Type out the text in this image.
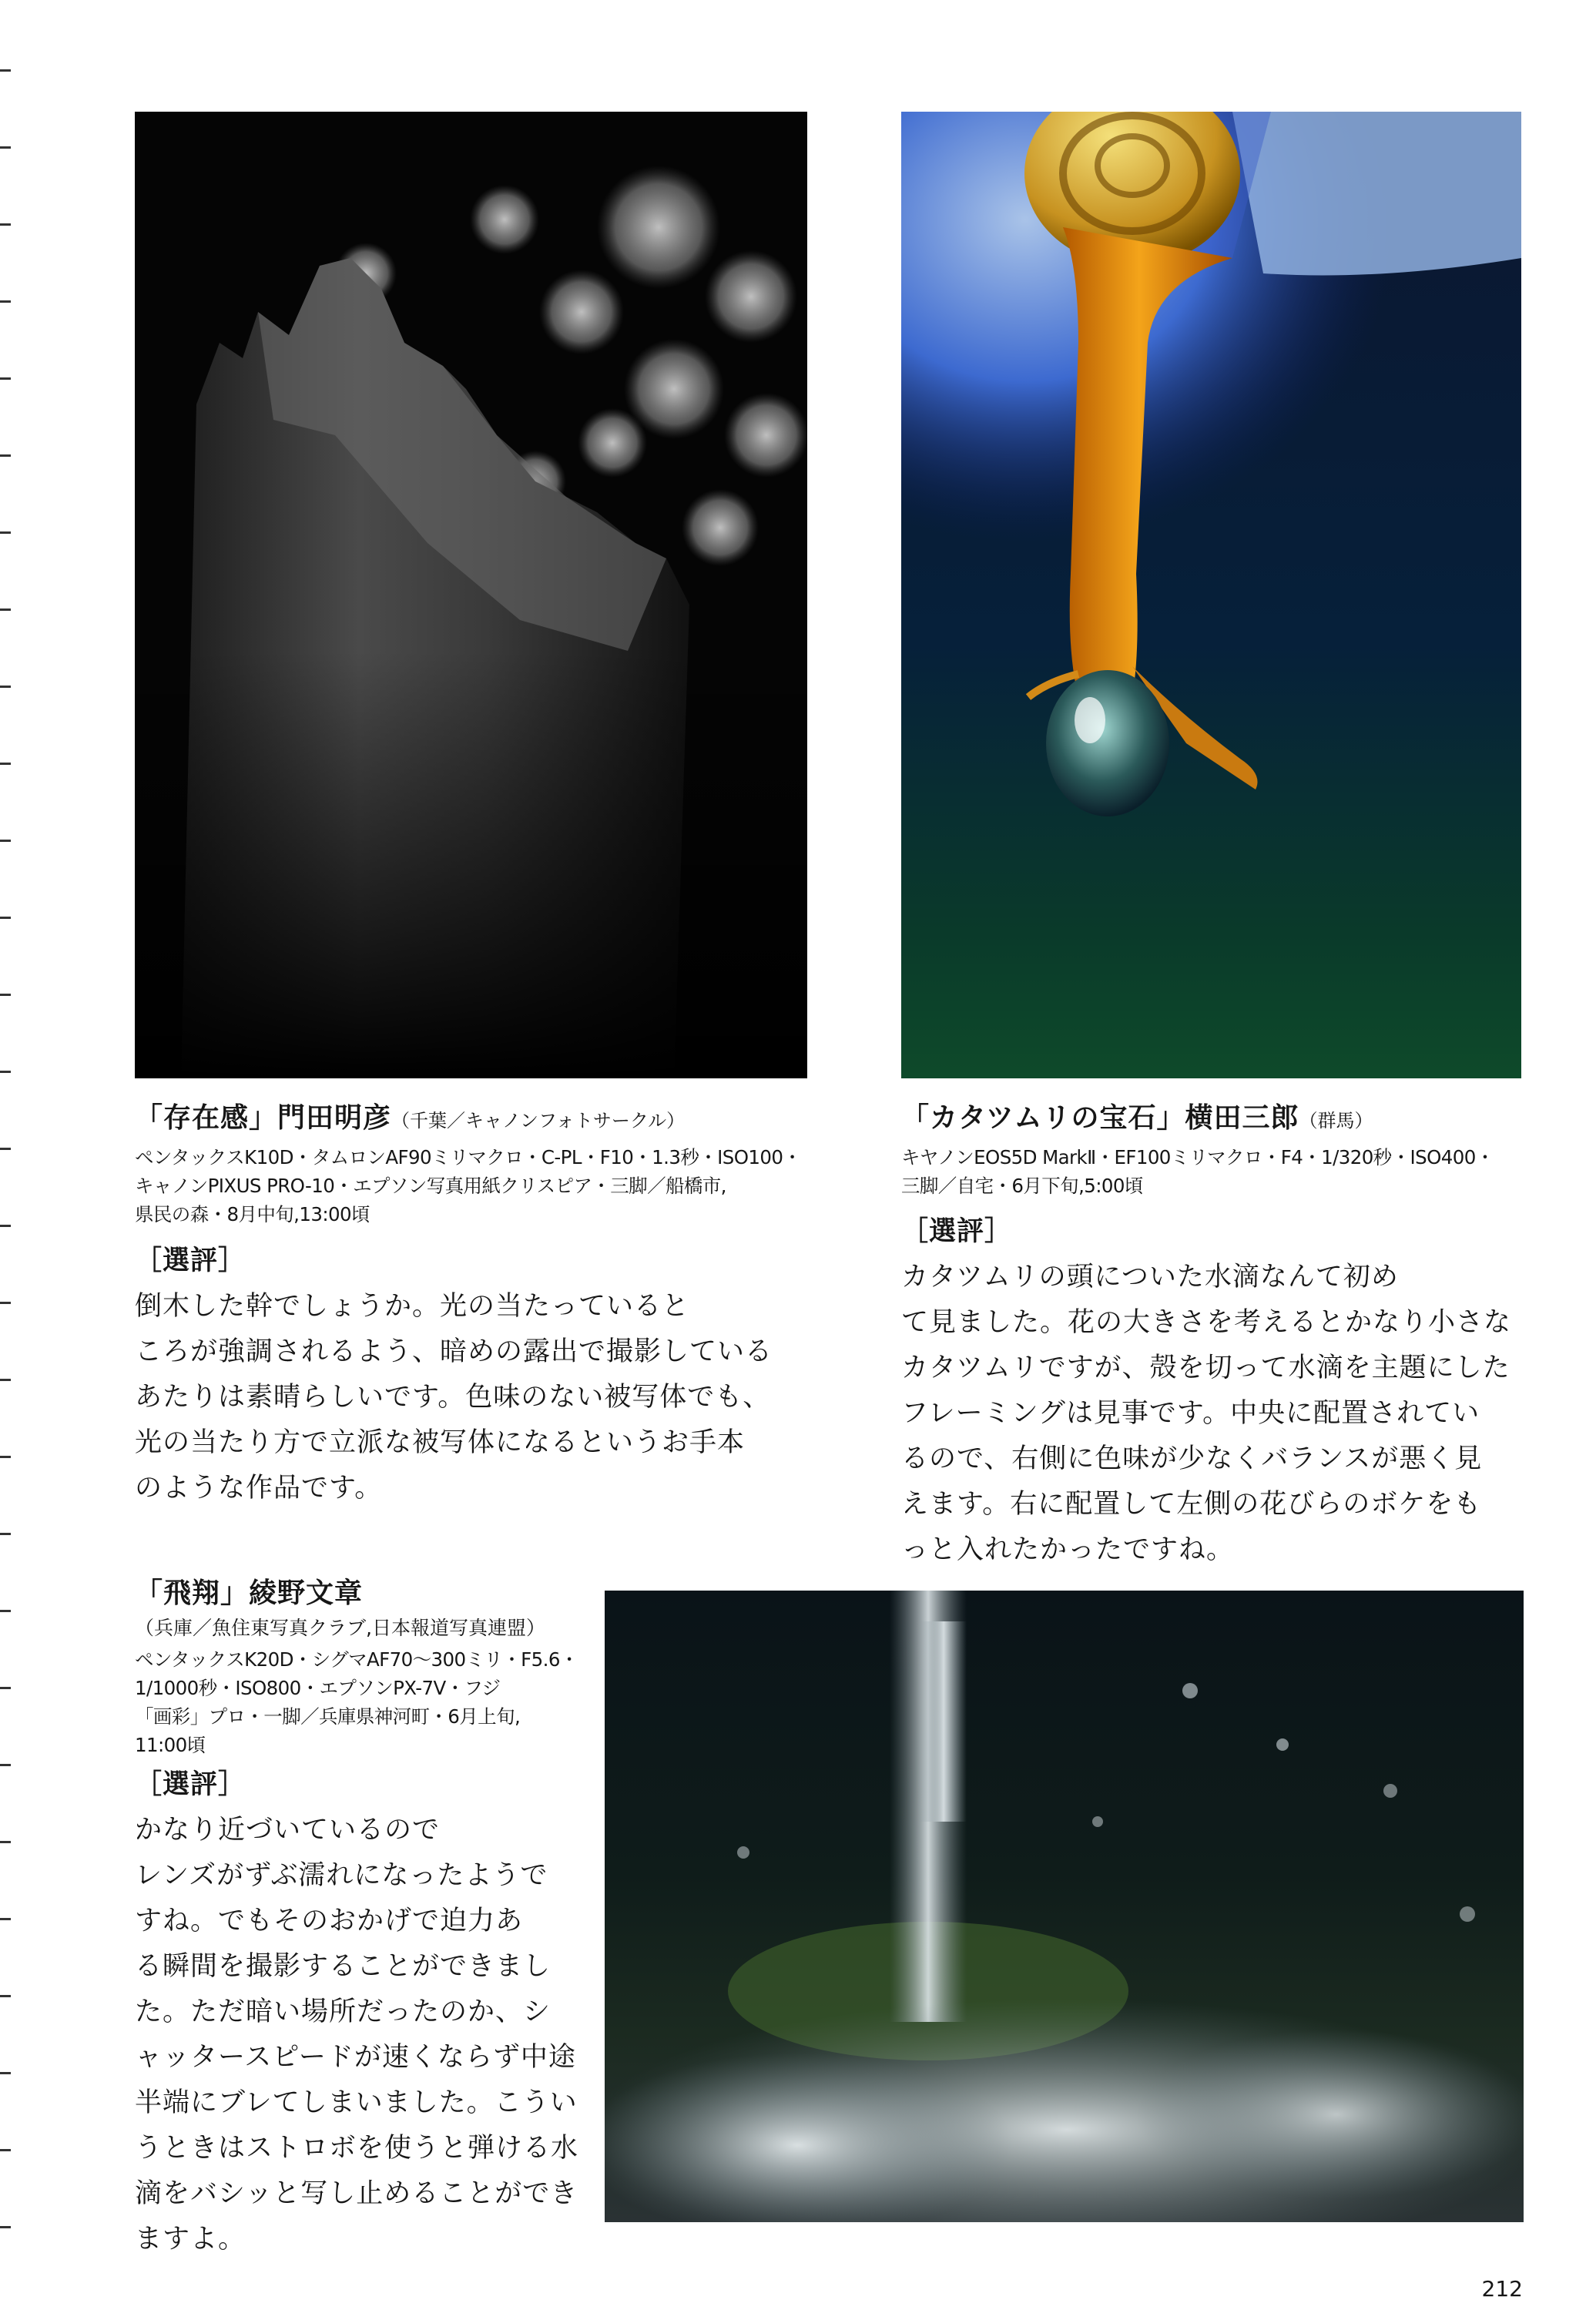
「存在感」門田明彦（千葉／キャノンフォトサークル）
ペンタックスK10D・タムロンAF90ミリマクロ・C-PL・F10・1.3秒・ISO100・
キャノンPIXUS PRO-10・エプソン写真用紙クリスピア・三脚／船橋市,
県民の森・8月中旬,13:00頃
［選評］
倒木した幹でしょうか。光の当たっていると
ころが強調されるよう、暗めの露出で撮影している
あたりは素晴らしいです。色味のない被写体でも、
光の当たり方で立派な被写体になるというお手本
のような作品です。
「カタツムリの宝石」横田三郎（群馬）
キヤノンEOS5D MarkⅡ・EF100ミリマクロ・F4・1/320秒・ISO400・
三脚／自宅・6月下旬,5:00頃
［選評］
カタツムリの頭についた水滴なんて初め
て見ました。花の大きさを考えるとかなり小さな
カタツムリですが、殻を切って水滴を主題にした
フレーミングは見事です。中央に配置されてい
るので、右側に色味が少なくバランスが悪く見
えます。右に配置して左側の花びらのボケをも
っと入れたかったですね。
「飛翔」綾野文章
（兵庫／魚住東写真クラブ,日本報道写真連盟）
ペンタックスK20D・シグマAF70～300ミリ・F5.6・
1/1000秒・ISO800・エプソンPX-7V・フジ
「画彩」プロ・一脚／兵庫県神河町・6月上旬,
11:00頃
［選評］
かなり近づいているので
レンズがずぶ濡れになったようで
すね。でもそのおかげで迫力あ
る瞬間を撮影することができまし
た。ただ暗い場所だったのか、シ
ャッタースピードが速くならず中途
半端にブレてしまいました。こうい
うときはストロボを使うと弾ける水
滴をバシッと写し止めることができ
ますよ。
212
